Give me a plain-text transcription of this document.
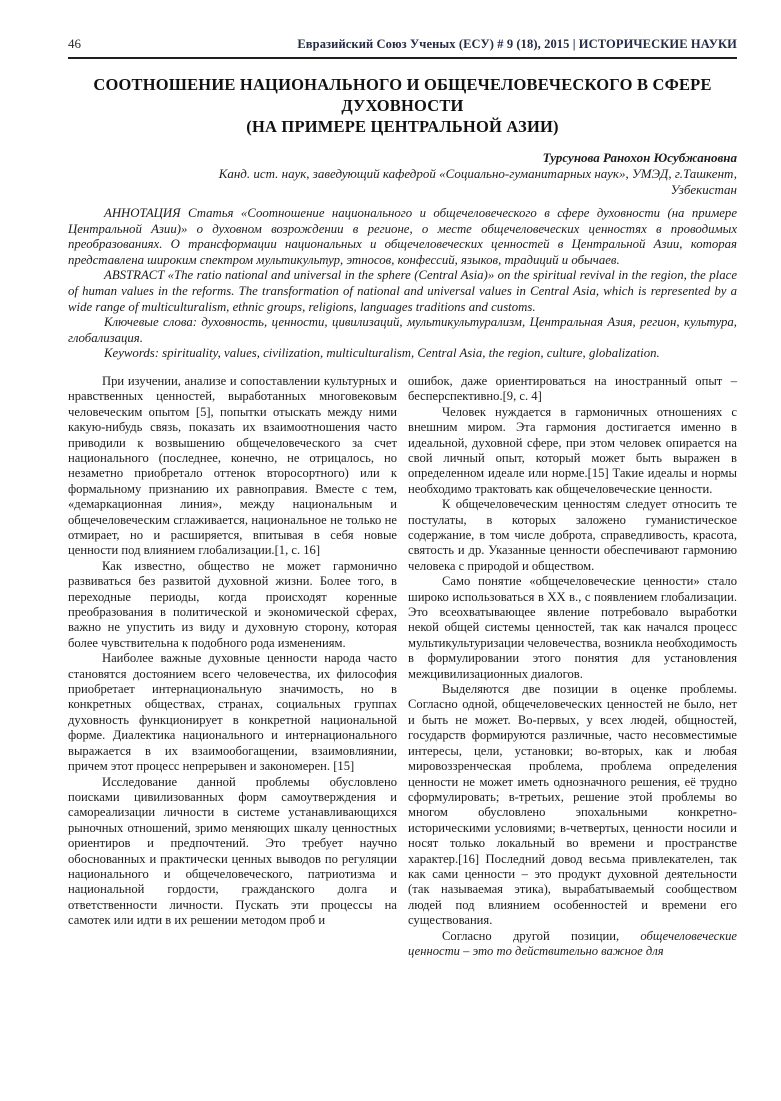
46	Евразийский Союз Ученых (ЕСУ) # 9 (18), 2015 | ИСТОРИЧЕСКИЕ НАУКИ
СООТНОШЕНИЕ НАЦИОНАЛЬНОГО И ОБЩЕЧЕЛОВЕЧЕСКОГО В СФЕРЕ
ДУХОВНОСТИ
(НА ПРИМЕРЕ ЦЕНТРАЛЬНОЙ АЗИИ)
Турсунова Ранохон Юсубжановна
Канд. ист. наук, заведующий кафедрой «Социально-гуманитарных наук», УМЭД, г.Ташкент,
Узбекистан

АННОТАЦИЯ Статья «Соотношение национального и общечеловеческого в сфере духовности (на примере Центральной Азии)» о духовном возрождении в регионе, о месте общечеловеческих ценностях в проводимых преобразованиях. О трансформации национальных и общечеловеческих ценностей в Центральной Азии, которая представлена широким спектром мультикультур, этносов, конфессий, языков, традиций и обычаев.

ABSTRACT «The ratio national and universal in the sphere (Central Asia)» on the spiritual revival in the region, the place of human values in the reforms. The transformation of national and universal values in Central Asia, which is represented by a wide range of multiculturalism, ethnic groups, religions, languages traditions and customs.

Ключевые слова: духовность, ценности, цивилизаций, мультикультурализм, Центральная Азия, регион, культура, глобализация.

Keywords: spirituality, values, civilization, multiculturalism, Central Asia, the region, culture, globalization.

При изучении, анализе и сопоставлении культурных и нравственных ценностей, выработанных многовековым человеческим опытом [5], попытки отыскать между ними какую-нибудь связь, показать их взаимоотношения часто приводили к возвышению общечеловеческого за счет национального (последнее, конечно, не отрицалось, но незаметно приобретало оттенок второсортного) или к формальному признанию их равноправия. Вместе с тем, «демаркационная линия», между национальным и общечеловеческим сглаживается, национальное не только не отмирает, но и расширяется, впитывая в себя новые ценности под влиянием глобализации.[1, с. 16]

Как известно, общество не может гармонично развиваться без развитой духовной жизни. Более того, в переходные периоды, когда происходят коренные преобразования в политической и экономической сферах, важно не упустить из виду и духовную сторону, которая более чувствительна к подобного рода изменениям.

Наиболее важные духовные ценности народа часто становятся достоянием всего человечества, их философия приобретает интернациональную значимость, но в конкретных обществах, странах, социальных группах духовность функционирует в конкретной национальной форме. Диалектика национального и интернационального выражается в их взаимообогащении, взаимовлиянии, причем этот процесс непрерывен и закономерен. [15]

Исследование данной проблемы обусловлено поисками цивилизованных форм самоутверждения и самореализации личности в системе устанавливающихся рыночных отношений, зримо меняющих шкалу ценностных ориентиров и предпочтений. Это требует научно обоснованных и практически ценных выводов по регуляции национального и общечеловеческого, патриотизма и национальной гордости, гражданского долга и ответственности личности. Пускать эти процессы на самотек или идти в их решении методом проб и

ошибок, даже ориентироваться на иностранный опыт – бесперспективно.[9, с. 4]

Человек нуждается в гармоничных отношениях с внешним миром. Эта гармония достигается именно в идеальной, духовной сфере, при этом человек опирается на свой личный опыт, который может быть выражен в определенном идеале или норме.[15] Такие идеалы и нормы необходимо трактовать как общечеловеческие ценности.

К общечеловеческим ценностям следует относить те постулаты, в которых заложено гуманистическое содержание, в том числе доброта, справедливость, красота, святость и др. Указанные ценности обеспечивают гармонию человека с природой и обществом.

Само понятие «общечеловеческие ценности» стало широко использоваться в XX в., с появлением глобализации. Это всеохватывающее явление потребовало выработки некой общей системы ценностей, так как начался процесс мультикультуризации человечества, возникла необходимость в формулировании этого понятия для установления межцивилизационных диалогов.

Выделяются две позиции в оценке проблемы. Согласно одной, общечеловеческих ценностей не было, нет и быть не может. Во-первых, у всех людей, общностей, государств формируются различные, часто несовместимые интересы, цели, установки; во-вторых, как и любая мировоззренческая проблема, проблема определения ценности не может иметь однозначного решения, её трудно сформулировать; в-третьих, решение этой проблемы во многом обусловлено эпохальными конкретно-историческими условиями; в-четвертых, ценности носили и носят только локальный во времени и пространстве характер.[16] Последний довод весьма привлекателен, так как сами ценности – это продукт духовной деятельности (так называемая этика), вырабатываемый сообществом людей под влиянием особенностей и времени его существования.

Согласно другой позиции, общечеловеческие ценности – это то действительно важное для
